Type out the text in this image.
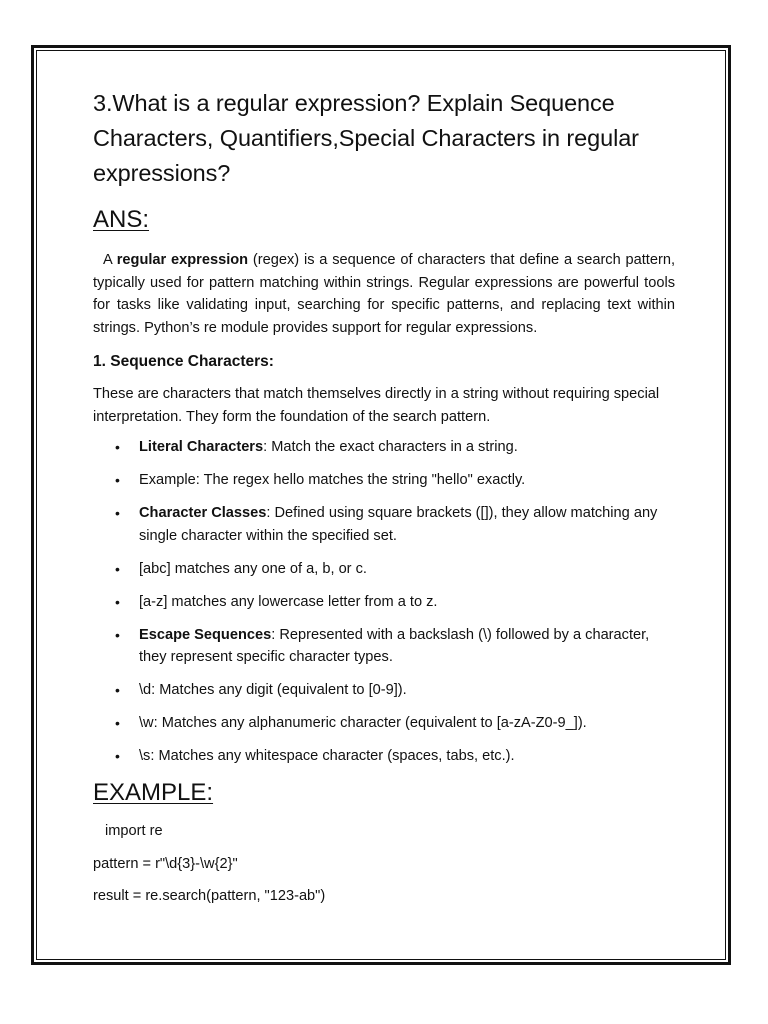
3.What is a regular expression? Explain Sequence Characters, Quantifiers,Special Characters in regular expressions?
ANS:

A regular expression (regex) is a sequence of characters that define a search pattern, typically used for pattern matching within strings. Regular expressions are powerful tools for tasks like validating input, searching for specific patterns, and replacing text within strings. Python’s re module provides support for regular expressions.

1. Sequence Characters:

These are characters that match themselves directly in a string without requiring special interpretation. They form the foundation of the search pattern.

• Literal Characters: Match the exact characters in a string.
• Example: The regex hello matches the string "hello" exactly.
• Character Classes: Defined using square brackets ([]), they allow matching any single character within the specified set.
• [abc] matches any one of a, b, or c.
• [a-z] matches any lowercase letter from a to z.
• Escape Sequences: Represented with a backslash (\) followed by a character, they represent specific character types.
• \d: Matches any digit (equivalent to [0-9]).
• \w: Matches any alphanumeric character (equivalent to [a-zA-Z0-9_]).
• \s: Matches any whitespace character (spaces, tabs, etc.).
EXAMPLE:

import re

pattern = r"\d{3}-\w{2}"

result = re.search(pattern, "123-ab")
